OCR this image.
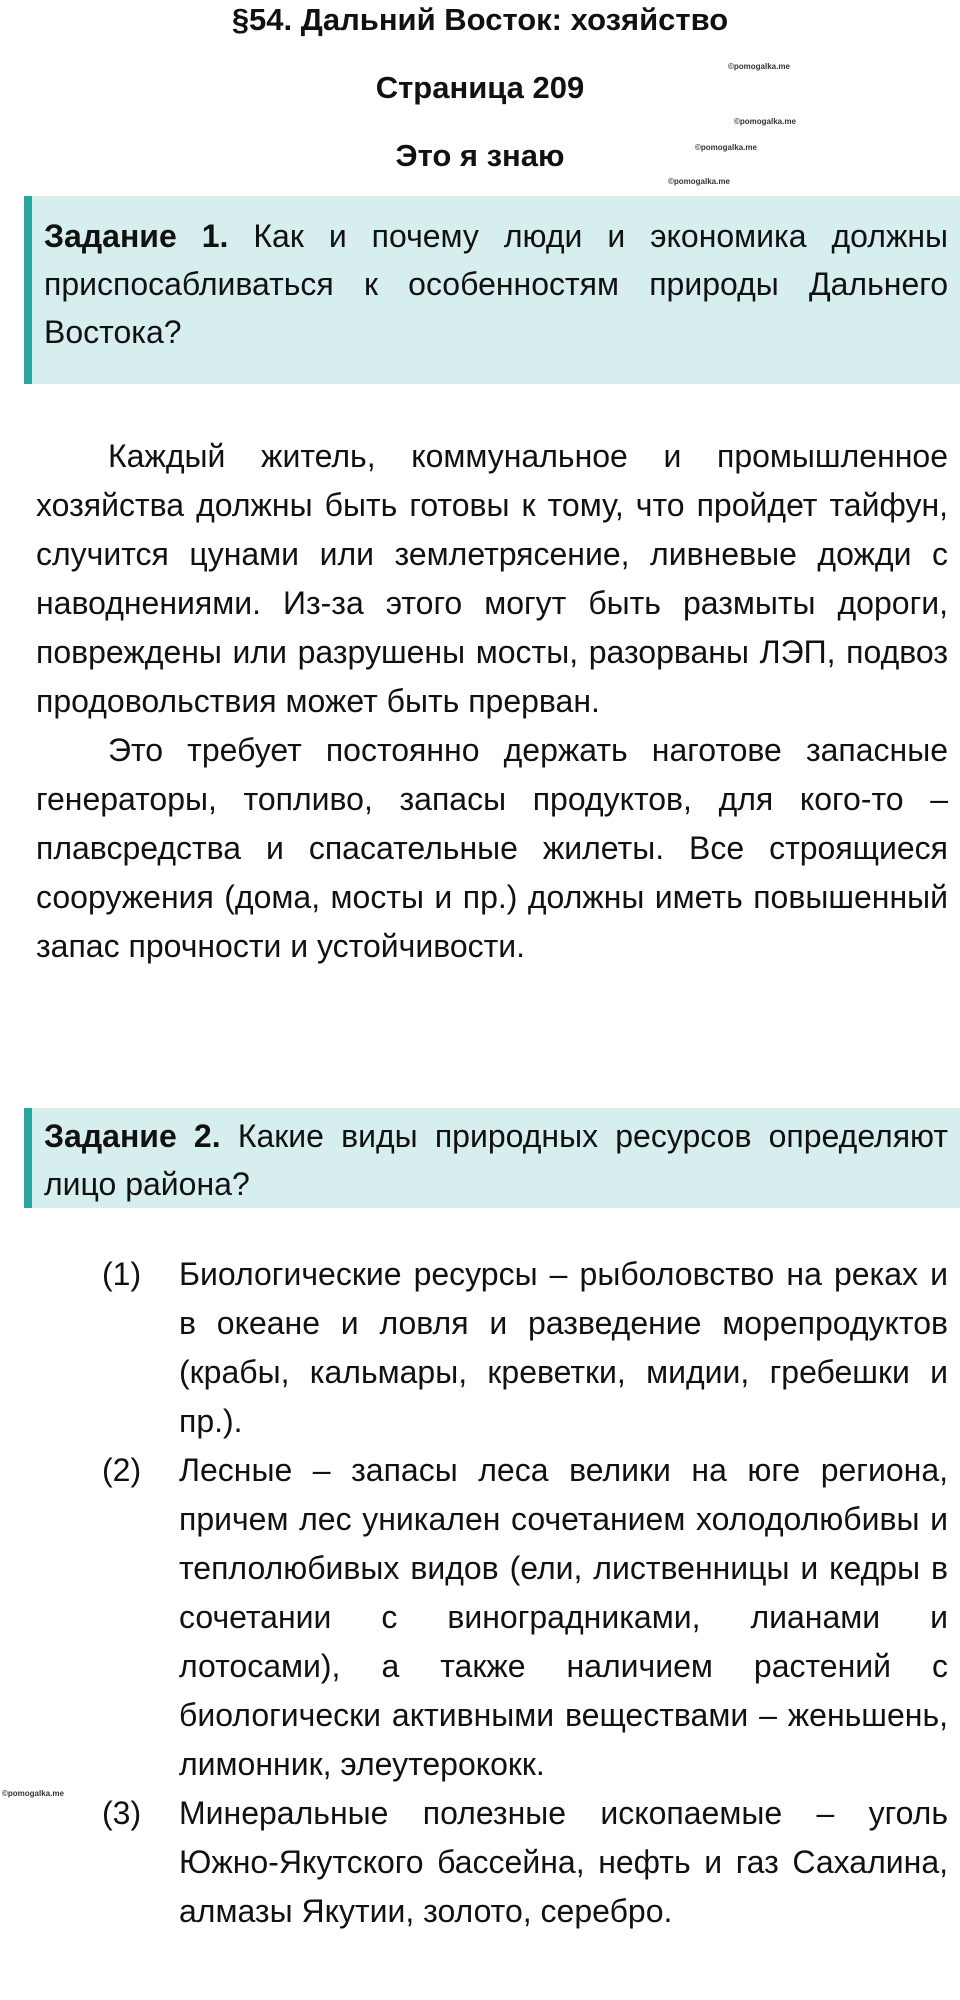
§54. Дальний Восток: хозяйство
Страница 209
Это я знаю
©pomogalka.me
©pomogalka.me
©pomogalka.me
©pomogalka.me
©pomogalka.me
Задание 1. Как и почему люди и экономика должны приспосабливаться к особенностям природы Дальнего Востока?

Каждый житель, коммунальное и промышленное хозяйства должны быть готовы к тому, что пройдет тайфун, случится цунами или землетрясение, ливневые дожди с наводнениями. Из-за этого могут быть размыты дороги, повреждены или разрушены мосты, разорваны ЛЭП, подвоз продовольствия может быть прерван.

Это требует постоянно держать наготове запасные генераторы, топливо, запасы продуктов, для кого-то – плавсредства и спасательные жилеты. Все строящиеся сооружения (дома, мосты и пр.) должны иметь повышенный запас прочности и устойчивости.

Задание 2. Какие виды природных ресурсов определяют лицо района?
(1) Биологические ресурсы – рыболовство на реках и в океане и ловля и разведение морепродуктов (крабы, кальмары, креветки, мидии, гребешки и пр.).
(2) Лесные – запасы леса велики на юге региона, причем лес уникален сочетанием холодолюбивы и теплолюбивых видов (ели, лиственницы и кедры в сочетании с виноградниками, лианами и лотосами), а также наличием растений с биологически активными веществами – женьшень, лимонник, элеутерококк.
(3) Минеральные полезные ископаемые – уголь Южно-Якутского бассейна, нефть и газ Сахалина, алмазы Якутии, золото, серебро.
